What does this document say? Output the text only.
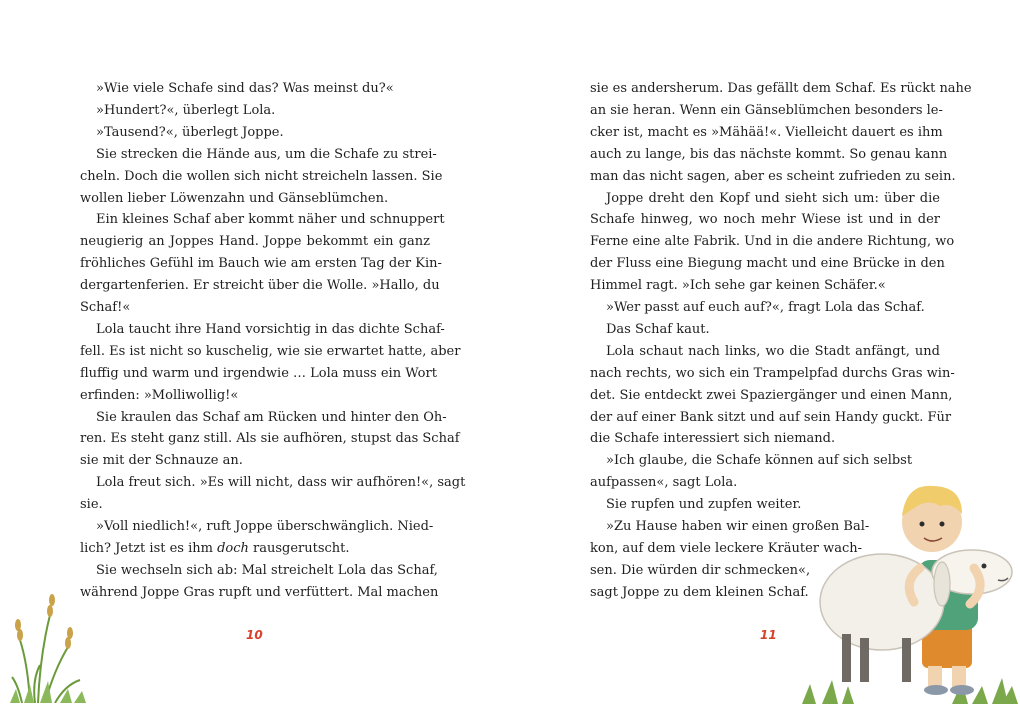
»Wie viele Schafe sind das? Was meinst du?«
»Hundert?«, überlegt Lola.
»Tausend?«, überlegt Joppe.
Sie strecken die Hände aus, um die Schafe zu strei-
cheln. Doch die wollen sich nicht streicheln lassen. Sie
wollen lieber Löwenzahn und Gänseblümchen.
Ein kleines Schaf aber kommt näher und schnuppert
neugierig an Joppes Hand. Joppe bekommt ein ganz
fröhliches Gefühl im Bauch wie am ersten Tag der Kin-
dergartenferien. Er streicht über die Wolle. »Hallo, du
Schaf!«
Lola taucht ihre Hand vorsichtig in das dichte Schaf-
fell. Es ist nicht so kuschelig, wie sie erwartet hatte, aber
fluffig und warm und irgendwie … Lola muss ein Wort
erfinden: »Molliwollig!«
Sie kraulen das Schaf am Rücken und hinter den Oh-
ren. Es steht ganz still. Als sie aufhören, stupst das Schaf
sie mit der Schnauze an.
Lola freut sich. »Es will nicht, dass wir aufhören!«, sagt
sie.
»Voll niedlich!«, ruft Joppe überschwänglich. Nied-
lich? Jetzt ist es ihm doch rausgerutscht.
Sie wechseln sich ab: Mal streichelt Lola das Schaf,
während Joppe Gras rupft und verfüttert. Mal machen
10
sie es andersherum. Das gefällt dem Schaf. Es rückt nahe
an sie heran. Wenn ein Gänseblümchen besonders le-
cker ist, macht es »Mähää!«. Vielleicht dauert es ihm
auch zu lange, bis das nächste kommt. So genau kann
man das nicht sagen, aber es scheint zufrieden zu sein.
Joppe dreht den Kopf und sieht sich um: über die
Schafe hinweg, wo noch mehr Wiese ist und in der
Ferne eine alte Fabrik. Und in die andere Richtung, wo
der Fluss eine Biegung macht und eine Brücke in den
Himmel ragt. »Ich sehe gar keinen Schäfer.«
»Wer passt auf euch auf?«, fragt Lola das Schaf.
Das Schaf kaut.
Lola schaut nach links, wo die Stadt anfängt, und
nach rechts, wo sich ein Trampelpfad durchs Gras win-
det. Sie entdeckt zwei Spaziergänger und einen Mann,
der auf einer Bank sitzt und auf sein Handy guckt. Für
die Schafe interessiert sich niemand.
»Ich glaube, die Schafe können auf sich selbst
aufpassen«, sagt Lola.
Sie rupfen und zupfen weiter.
»Zu Hause haben wir einen großen Bal-
kon, auf dem viele leckere Kräuter wach-
sen. Die würden dir schmecken«,
sagt Joppe zu dem kleinen Schaf.
11
